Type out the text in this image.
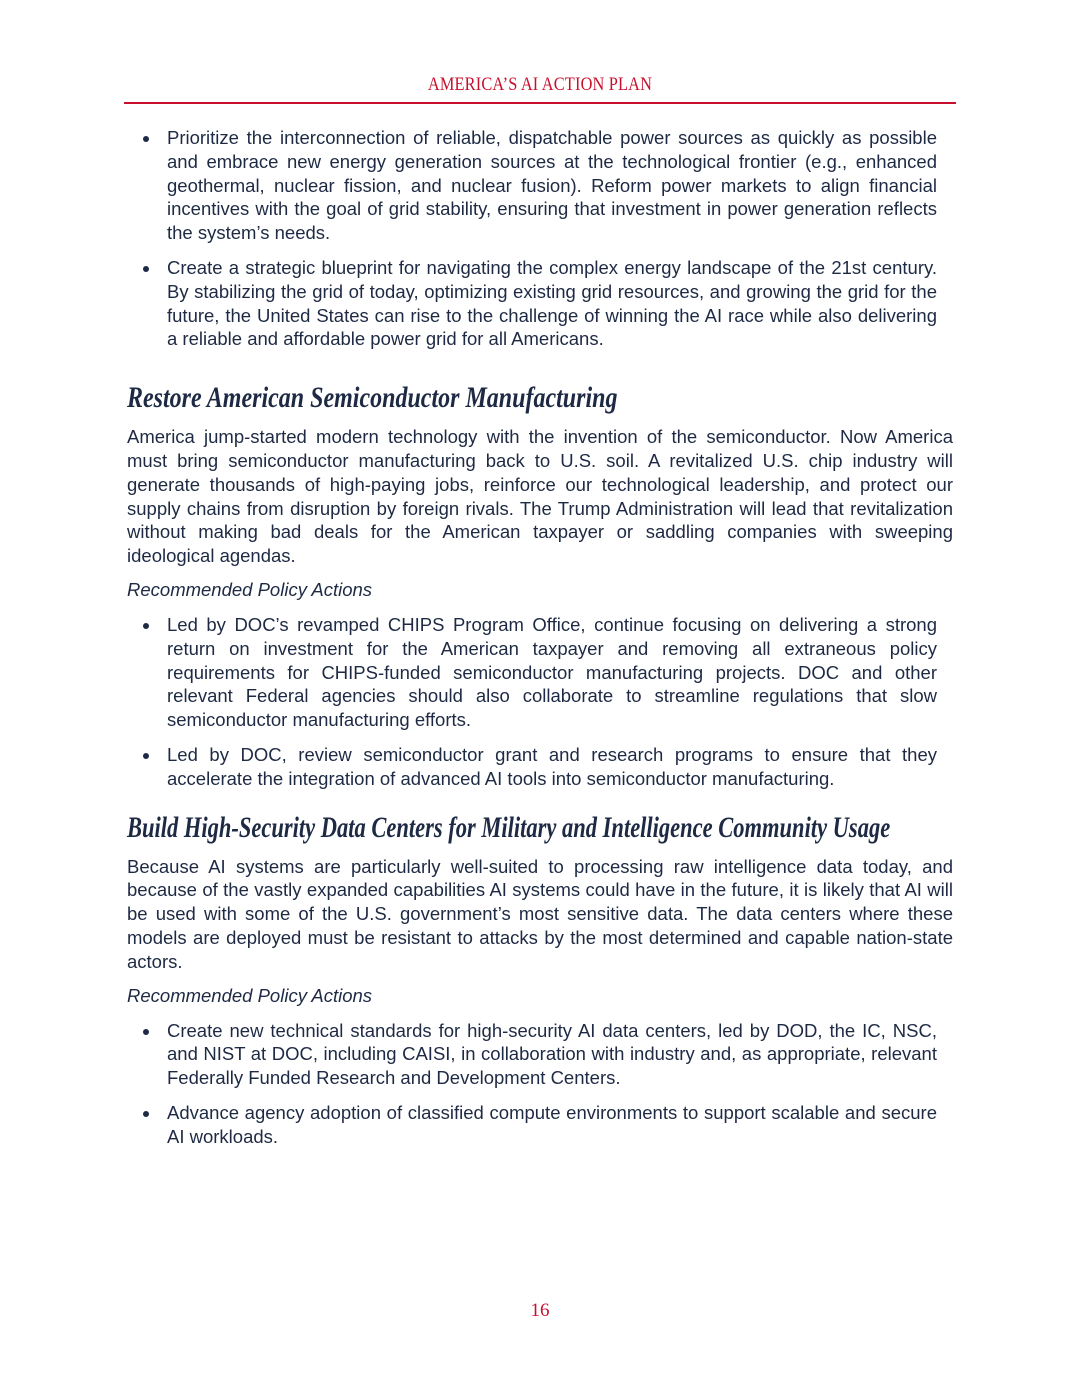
AMERICA’S AI ACTION PLAN
Prioritize the interconnection of reliable, dispatchable power sources as quickly as possible and embrace new energy generation sources at the technological frontier (e.g., enhanced geothermal, nuclear fission, and nuclear fusion). Reform power markets to align financial incentives with the goal of grid stability, ensuring that investment in power generation reflects the system’s needs.
Create a strategic blueprint for navigating the complex energy landscape of the 21st century. By stabilizing the grid of today, optimizing existing grid resources, and growing the grid for the future, the United States can rise to the challenge of winning the AI race while also delivering a reliable and affordable power grid for all Americans.
Restore American Semiconductor Manufacturing

America jump-started modern technology with the invention of the semiconductor. Now America must bring semiconductor manufacturing back to U.S. soil. A revitalized U.S. chip industry will generate thousands of high-paying jobs, reinforce our technological leadership, and protect our supply chains from disruption by foreign rivals. The Trump Administration will lead that revitalization without making bad deals for the American taxpayer or saddling companies with sweeping ideological agendas.

Recommended Policy Actions

Led by DOC’s revamped CHIPS Program Office, continue focusing on delivering a strong return on investment for the American taxpayer and removing all extraneous policy requirements for CHIPS-funded semiconductor manufacturing projects. DOC and other relevant Federal agencies should also collaborate to streamline regulations that slow semiconductor manufacturing efforts.
Led by DOC, review semiconductor grant and research programs to ensure that they accelerate the integration of advanced AI tools into semiconductor manufacturing.
Build High-Security Data Centers for Military and Intelligence Community Usage

Because AI systems are particularly well-suited to processing raw intelligence data today, and because of the vastly expanded capabilities AI systems could have in the future, it is likely that AI will be used with some of the U.S. government’s most sensitive data. The data centers where these models are deployed must be resistant to attacks by the most determined and capable nation-state actors.

Recommended Policy Actions

Create new technical standards for high-security AI data centers, led by DOD, the IC, NSC, and NIST at DOC, including CAISI, in collaboration with industry and, as appropriate, relevant Federally Funded Research and Development Centers.
Advance agency adoption of classified compute environments to support scalable and secure AI workloads.
16
